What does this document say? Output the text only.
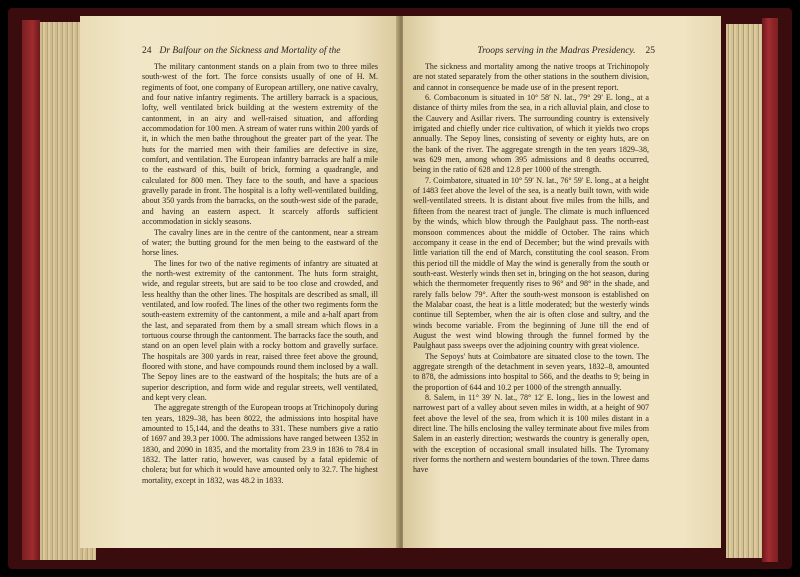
24 Dr Balfour on the Sickness and Mortality of the

The military cantonment stands on a plain from two to three miles south-west of the fort. The force consists usually of one of H. M. regiments of foot, one company of European artillery, one native cavalry, and four native infantry regiments. The artillery barrack is a spacious, lofty, well ventilated brick building at the western extremity of the cantonment, in an airy and well-raised situation, and affording accommodation for 100 men. A stream of water runs within 200 yards of it, in which the men bathe throughout the greater part of the year. The huts for the married men with their families are defective in size, comfort, and ventilation. The European infantry barracks are half a mile to the eastward of this, built of brick, forming a quadrangle, and calculated for 800 men. They face to the south, and have a spacious gravelly parade in front. The hospital is a lofty well-ventilated building, about 350 yards from the barracks, on the south-west side of the parade, and having an eastern aspect. It scarcely affords sufficient accommodation in sickly seasons.

The cavalry lines are in the centre of the cantonment, near a stream of water; the butting ground for the men being to the eastward of the horse lines.

The lines for two of the native regiments of infantry are situated at the north-west extremity of the cantonment. The huts form straight, wide, and regular streets, but are said to be too close and crowded, and less healthy than the other lines. The hospitals are described as small, ill ventilated, and low roofed. The lines of the other two regiments form the south-eastern extremity of the cantonment, a mile and a-half apart from the last, and separated from them by a small stream which flows in a tortuous course through the cantonment. The barracks face the south, and stand on an open level plain with a rocky bottom and gravelly surface. The hospitals are 300 yards in rear, raised three feet above the ground, floored with stone, and have compounds round them inclosed by a wall. The Sepoy lines are to the eastward of the hospitals; the huts are of a superior description, and form wide and regular streets, well ventilated, and kept very clean.

The aggregate strength of the European troops at Trichinopoly during ten years, 1829–38, has been 8022, the admissions into hospital have amounted to 15,144, and the deaths to 331. These numbers give a ratio of 1697 and 39.3 per 1000. The admissions have ranged between 1352 in 1830, and 2090 in 1835, and the mortality from 23.9 in 1836 to 78.4 in 1832. The latter ratio, however, was caused by a fatal epidemic of cholera; but for which it would have amounted only to 32.7. The highest mortality, except in 1832, was 48.2 in 1833.

Troops serving in the Madras Presidency. 25

The sickness and mortality among the native troops at Trichinopoly are not stated separately from the other stations in the southern division, and cannot in consequence be made use of in the present report.

6. Combaconum is situated in 10° 58′ N. lat., 79° 29′ E. long., at a distance of thirty miles from the sea, in a rich alluvial plain, and close to the Cauvery and Asillar rivers. The surrounding country is extensively irrigated and chiefly under rice cultivation, of which it yields two crops annually. The Sepoy lines, consisting of seventy or eighty huts, are on the bank of the river. The aggregate strength in the ten years 1829–38, was 629 men, among whom 395 admissions and 8 deaths occurred, being in the ratio of 628 and 12.8 per 1000 of the strength.

7. Coimbatore, situated in 10° 59′ N. lat., 76° 59′ E. long., at a height of 1483 feet above the level of the sea, is a neatly built town, with wide well-ventilated streets. It is distant about five miles from the hills, and fifteen from the nearest tract of jungle. The climate is much influenced by the winds, which blow through the Paulghaut pass. The north-east monsoon commences about the middle of October. The rains which accompany it cease in the end of December; but the wind prevails with little variation till the end of March, constituting the cool season. From this period till the middle of May the wind is generally from the south or south-east. Westerly winds then set in, bringing on the hot season, during which the thermometer frequently rises to 96° and 98° in the shade, and rarely falls below 79°. After the south-west monsoon is established on the Malabar coast, the heat is a little moderated; but the westerly winds continue till September, when the air is often close and sultry, and the winds become variable. From the beginning of June till the end of August the west wind blowing through the funnel formed by the Paulghaut pass sweeps over the adjoining country with great violence.

The Sepoys' huts at Coimbatore are situated close to the town. The aggregate strength of the detachment in seven years, 1832–8, amounted to 878, the admissions into hospital to 566, and the deaths to 9; being in the proportion of 644 and 10.2 per 1000 of the strength annually.

8. Salem, in 11° 39′ N. lat., 78° 12′ E. long., lies in the lowest and narrowest part of a valley about seven miles in width, at a height of 907 feet above the level of the sea, from which it is 100 miles distant in a direct line. The hills enclosing the valley terminate about five miles from Salem in an easterly direction; westwards the country is generally open, with the exception of occasional small insulated hills. The Tyromany river forms the northern and western boundaries of the town. Three dams have
